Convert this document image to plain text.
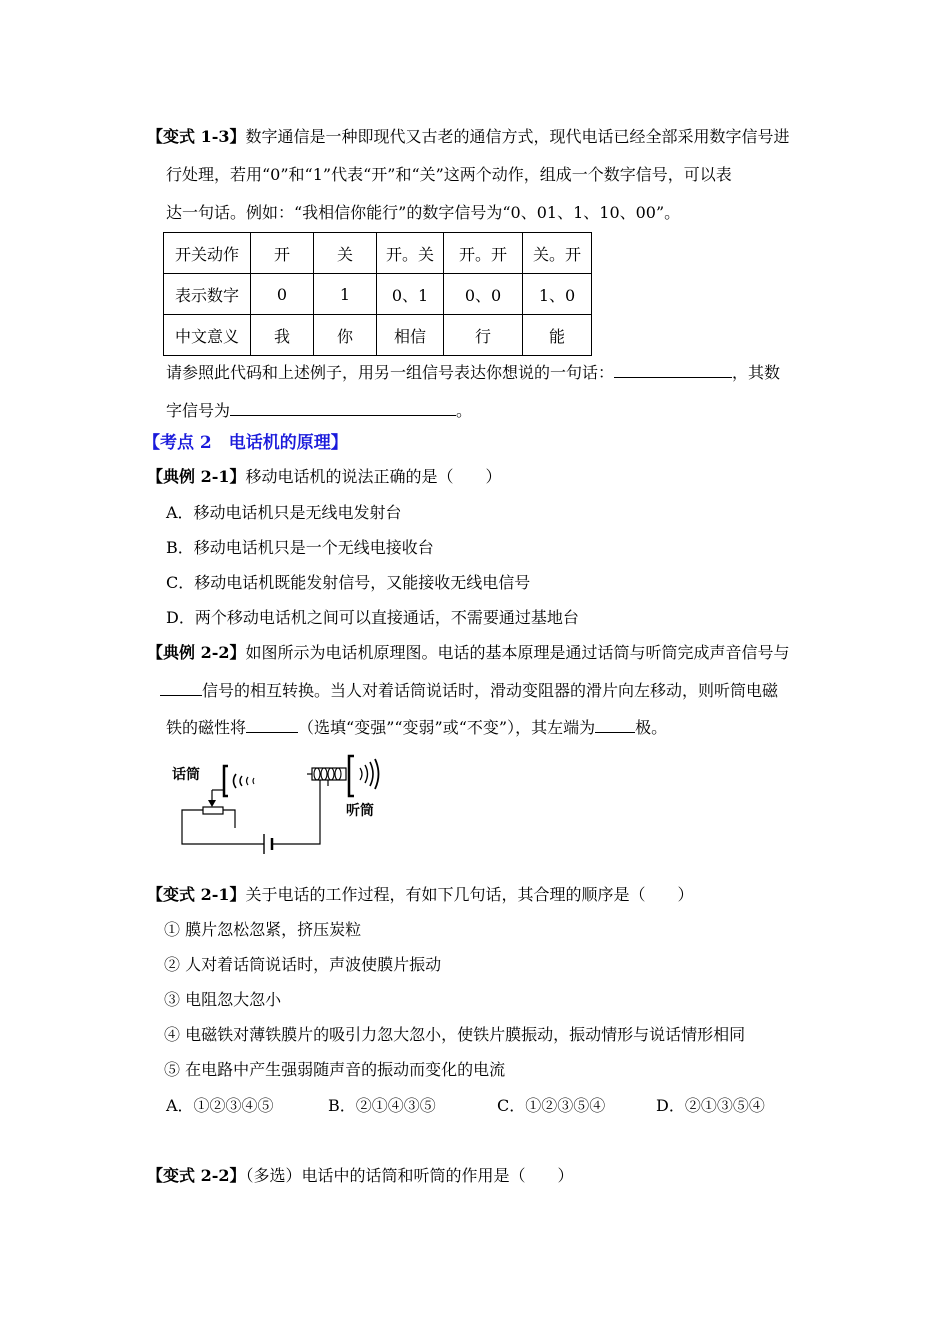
【变式 1-3】数字通信是一种即现代又古老的通信方式，现代电话已经全部采用数字信号进
行处理，若用“0”和“1”代表“开”和“关”这两个动作，组成一个数字信号，可以表
达一句话。例如：“我相信你能行”的数字信号为“0、01、1、10、00”。
开关动作	开	关	开。关	开。开	关。开
表示数字	0	1	0、1	0、0	1、0
中文意义	我	你	相信	行	能
请参照此代码和上述例子，用另一组信号表达你想说的一句话：	，其数
字信号为	。
【考点 2　电话机的原理】
【典例 2-1】移动电话机的说法正确的是（　　）
A．移动电话机只是无线电发射台
B．移动电话机只是一个无线电接收台
C．移动电话机既能发射信号，又能接收无线电信号
D．两个移动电话机之间可以直接通话，不需要通过基地台
【典例 2-2】如图所示为电话机原理图。电话的基本原理是通过话筒与听筒完成声音信号与
信号的相互转换。当人对着话筒说话时，滑动变阻器的滑片向左移动，则听筒电磁
铁的磁性将	（选填“变强”“变弱”或“不变”），其左端为	极。
话筒
听筒
【变式 2-1】关于电话的工作过程，有如下几句话，其合理的顺序是（　　）
① 膜片忽松忽紧，挤压炭粒
② 人对着话筒说话时，声波使膜片振动
③ 电阻忽大忽小
④ 电磁铁对薄铁膜片的吸引力忽大忽小，使铁片膜振动，振动情形与说话情形相同
⑤ 在电路中产生强弱随声音的振动而变化的电流
A．①②③④⑤	B．②①④③⑤	C．①②③⑤④	D．②①③⑤④
【变式 2-2】（多选）电话中的话筒和听筒的作用是（　　）
